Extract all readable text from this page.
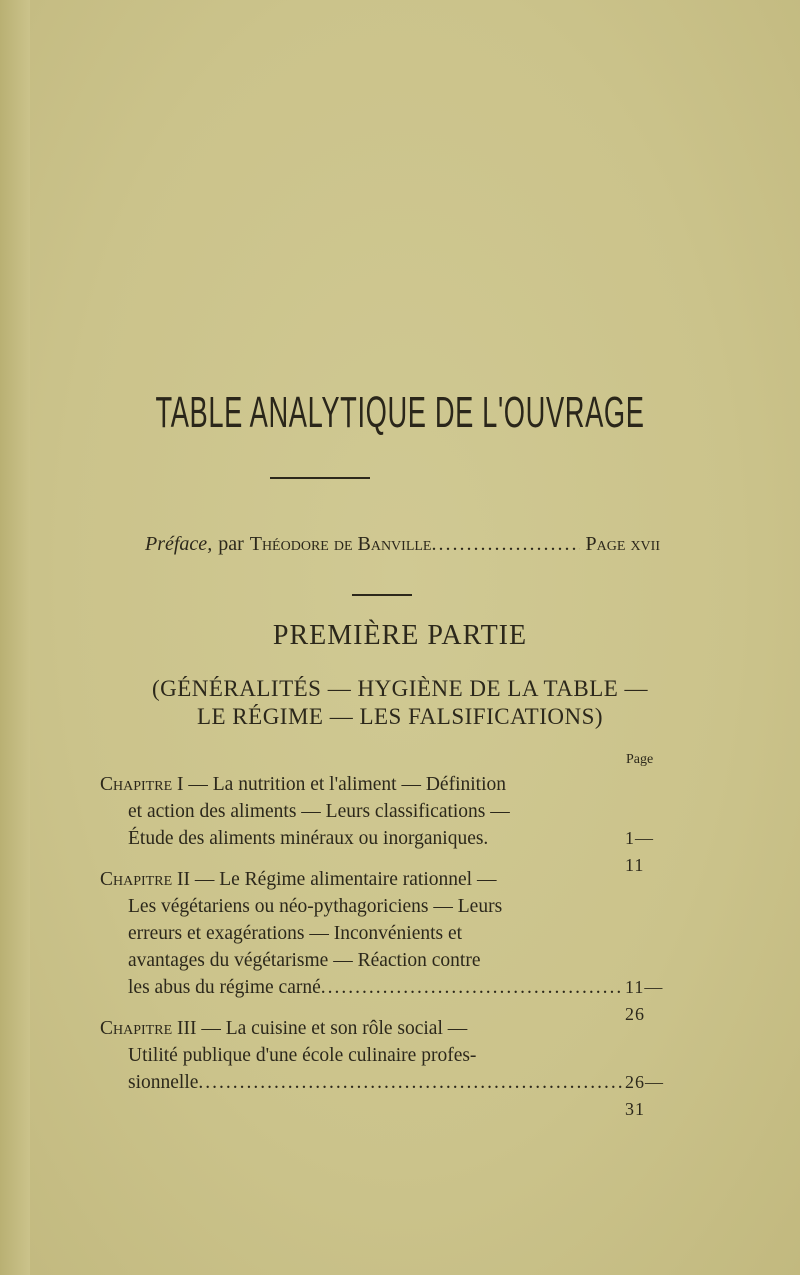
TABLE ANALYTIQUE DE L'OUVRAGE
Préface, par Théodore de Banville .....	Page xvii
PREMIÈRE PARTIE
(GÉNÉRALITÉS — HYGIÈNE DE LA TABLE —
LE RÉGIME — LES FALSIFICATIONS)
Page
Chapitre I
— La nutrition et l'aliment — Définition
et action des aliments — Leurs classifications —
Étude des aliments minéraux ou inorganiques.	1—11
Chapitre II
— Le Régime alimentaire rationnel —
Les végétariens ou néo-pythagoriciens — Leurs
erreurs et exagérations — Inconvénients et
avantages du végétarisme — Réaction contre
les abus du régime carné .....	11—26
Chapitre III
— La cuisine et son rôle social —
Utilité publique d'une école culinaire profes-
sionnelle .....	26—31
